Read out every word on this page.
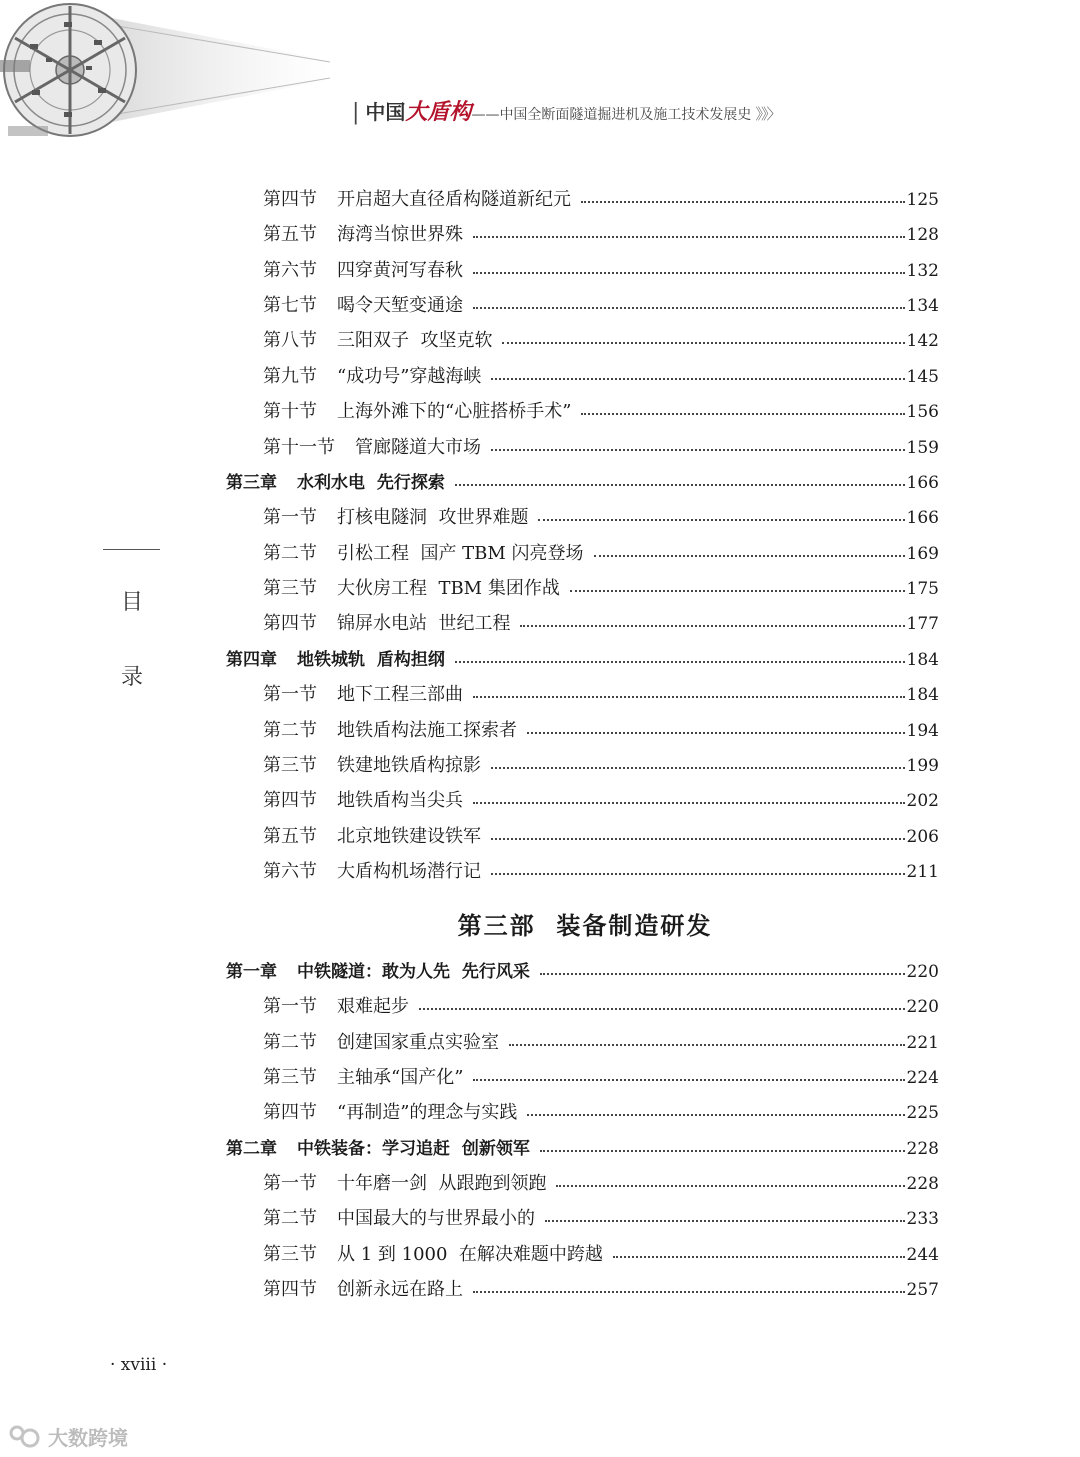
| 中国 大盾构 ——中国全断面隧道掘进机及施工技术发展史 》》〉
目
录
第四节 开启超大直径盾构隧道新纪元	125
第五节 海湾当惊世界殊	128
第六节 四穿黄河写春秋	132
第七节 喝令天堑变通途	134
第八节 三阳双子  攻坚克软	142
第九节 “成功号”穿越海峡	145
第十节 上海外滩下的“心脏搭桥手术”	156
第十一节 管廊隧道大市场	159
第三章 水利水电  先行探索	166
第一节 打核电隧洞  攻世界难题	166
第二节 引松工程  国产 TBM 闪亮登场	169
第三节 大伙房工程  TBM 集团作战	175
第四节 锦屏水电站  世纪工程	177
第四章 地铁城轨  盾构担纲	184
第一节 地下工程三部曲	184
第二节 地铁盾构法施工探索者	194
第三节 铁建地铁盾构掠影	199
第四节 地铁盾构当尖兵	202
第五节 北京地铁建设铁军	206
第六节 大盾构机场潜行记	211
第一章 中铁隧道：敢为人先  先行风采	220
第一节 艰难起步	220
第二节 创建国家重点实验室	221
第三节 主轴承“国产化”	224
第四节 “再制造”的理念与实践	225
第二章 中铁装备：学习追赶  创新领军	228
第一节 十年磨一剑  从跟跑到领跑	228
第二节 中国最大的与世界最小的	233
第三节 从 1 到 1000  在解决难题中跨越	244
第四节 创新永远在路上	257
第三部  装备制造研发
· xviii ·
大数跨境
